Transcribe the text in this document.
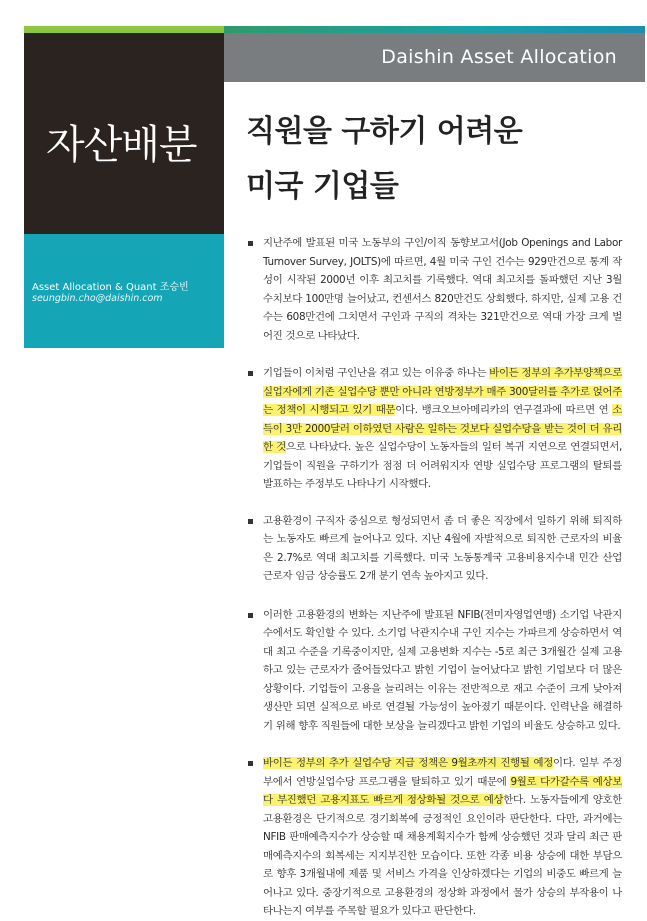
Daishin Asset Allocation
자산배분
Asset Allocation & Quant 조승빈
seungbin.cho@daishin.com
직원을 구하기 어려운
미국 기업들
지난주에 발표된 미국 노동부의 구인/이직 동향보고서(Job Openings and Labor Turnover Survey, JOLTS)에 따르면, 4월 미국 구인 건수는 929만건으로 통계 작성이 시작된 2000년 이후 최고치를 기록했다. 역대 최고치를 돌파했던 지난 3월 수치보다 100만명 늘어났고, 컨센서스 820만건도 상회했다. 하지만, 실제 고용 건수는 608만건에 그치면서 구인과 구직의 격차는 321만건으로 역대 가장 크게 벌어진 것으로 나타났다.
기업들이 이처럼 구인난을 겪고 있는 이유중 하나는 바이든 정부의 추가부양책으로 실업자에게 기존 실업수당 뿐만 아니라 연방정부가 매주 300달러를 추가로 얹어주는 정책이 시행되고 있기 때문이다. 뱅크오브아메리카의 연구결과에 따르면 연 소득이 3만 2000달러 이하였던 사람은 일하는 것보다 실업수당을 받는 것이 더 유리한 것으로 나타났다. 높은 실업수당이 노동자들의 일터 복귀 지연으로 연결되면서, 기업들이 직원을 구하기가 점점 더 어려워지자 연방 실업수당 프로그램의 탈퇴를 발표하는 주정부도 나타나기 시작했다.
고용환경이 구직자 중심으로 형성되면서 좀 더 좋은 직장에서 일하기 위해 퇴직하는 노동자도 빠르게 늘어나고 있다. 지난 4월에 자발적으로 퇴직한 근로자의 비율은 2.7%로 역대 최고치를 기록했다. 미국 노동통계국 고용비용지수내 민간 산업 근로자 임금 상승률도 2개 분기 연속 높아지고 있다.
이러한 고용환경의 변화는 지난주에 발표된 NFIB(전미자영업연맹) 소기업 낙관지수에서도 확인할 수 있다. 소기업 낙관지수내 구인 지수는 가파르게 상승하면서 역대 최고 수준을 기록중이지만, 실제 고용변화 지수는 -5로 최근 3개월간 실제 고용하고 있는 근로자가 줄어들었다고 밝힌 기업이 늘어났다고 밝힌 기업보다 더 많은 상황이다. 기업들이 고용을 늘리려는 이유는 전반적으로 재고 수준이 크게 낮아져 생산만 되면 실적으로 바로 연결될 가능성이 높아졌기 때문이다. 인력난을 해결하기 위해 향후 직원들에 대한 보상을 늘리겠다고 밝힌 기업의 비율도 상승하고 있다.
바이든 정부의 추가 실업수당 지급 정책은 9월초까지 진행될 예정이다. 일부 주정부에서 연방실업수당 프로그램을 탈퇴하고 있기 때문에 9월로 다가갈수록 예상보다 부진했던 고용지표도 빠르게 정상화될 것으로 예상한다. 노동자들에게 양호한 고용환경은 단기적으로 경기회복에 긍정적인 요인이라 판단한다. 다만, 과거에는 NFIB 판매예측지수가 상승할 때 채용계획지수가 함께 상승했던 것과 달리 최근 판매예측지수의 회복세는 지지부진한 모습이다. 또한 각종 비용 상승에 대한 부담으로 향후 3개월내에 제품 및 서비스 가격을 인상하겠다는 기업의 비중도 빠르게 늘어나고 있다. 중장기적으로 고용환경의 정상화 과정에서 물가 상승의 부작용이 나타나는지 여부를 주목할 필요가 있다고 판단한다.
